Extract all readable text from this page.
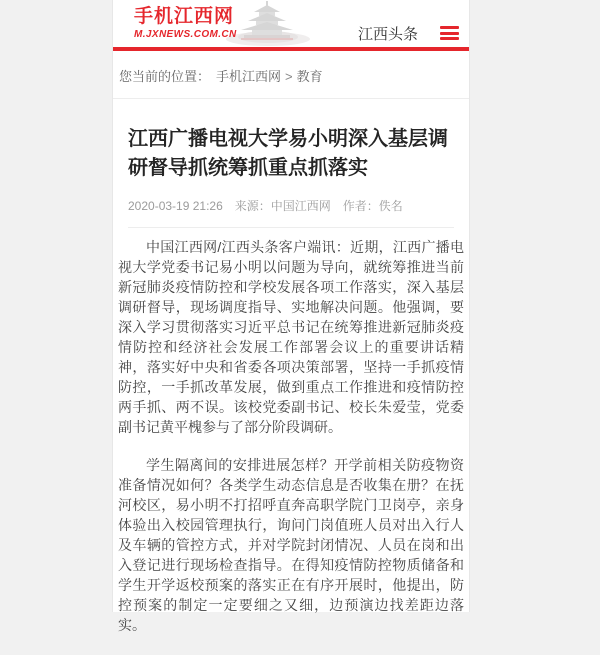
手机江西网
M.JXNEWS.COM.CN	江西头条
您当前的位置： 手机江西网 > 教育
江西广播电视大学易小明深入基层调研督导抓统筹抓重点抓落实
2020-03-19 21:26 来源：中国江西网 作者：佚名

中国江西网/江西头条客户端讯：近期，江西广播电视大学党委书记易小明以问题为导向，就统筹推进当前新冠肺炎疫情防控和学校发展各项工作落实，深入基层调研督导，现场调度指导、实地解决问题。他强调，要深入学习贯彻落实习近平总书记在统筹推进新冠肺炎疫情防控和经济社会发展工作部署会议上的重要讲话精神，落实好中央和省委各项决策部署，坚持一手抓疫情防控，一手抓改革发展，做到重点工作推进和疫情防控两手抓、两不误。该校党委副书记、校长朱爱莹，党委副书记黄平槐参与了部分阶段调研。

学生隔离间的安排进展怎样？开学前相关防疫物资准备情况如何？各类学生动态信息是否收集在册？在抚河校区，易小明不打招呼直奔高职学院门卫岗亭，亲身体验出入校园管理执行，询问门岗值班人员对出入行人及车辆的管控方式，并对学院封闭情况、人员在岗和出入登记进行现场检查指导。在得知疫情防控物质储备和学生开学返校预案的落实正在有序开展时，他提出，防控预案的制定一定要细之又细，边预演边找差距边落实。
